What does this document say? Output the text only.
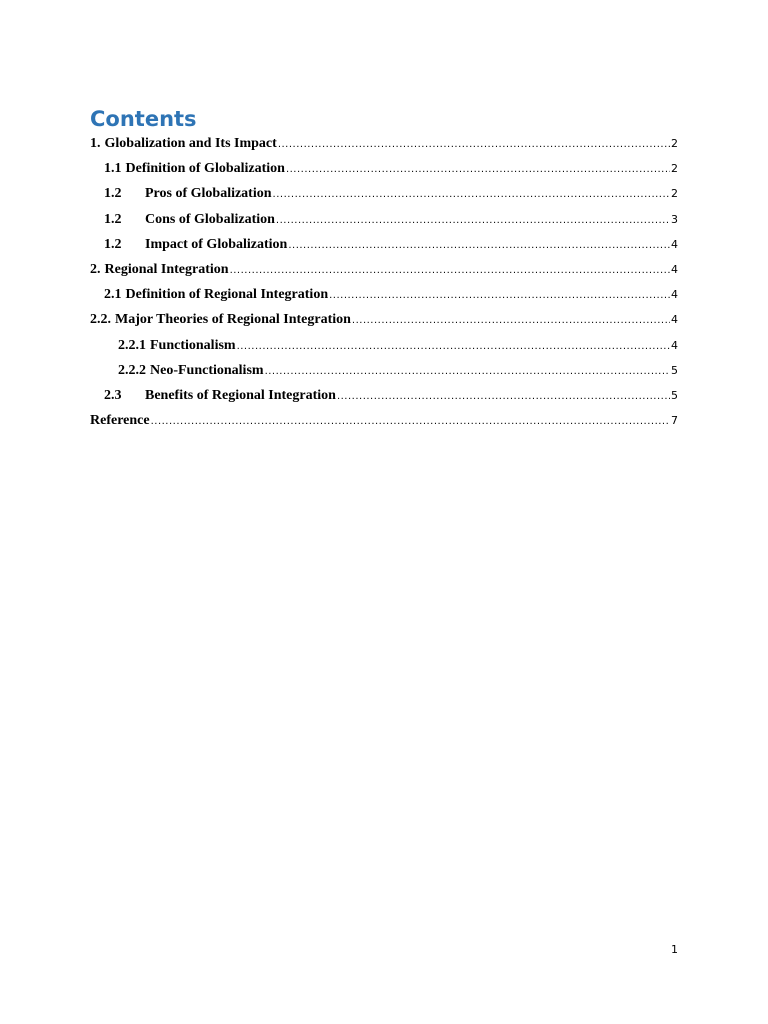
Contents
1. Globalization and Its Impact .....	2
1.1 Definition of Globalization .....	2
1.2	Pros of Globalization .....	2
1.2	Cons of Globalization .....	3
1.2	Impact of Globalization .....	4
2. Regional Integration .....	4
2.1 Definition of Regional Integration .....	4
2.2. Major Theories of Regional Integration .....	4
2.2.1 Functionalism .....	4
2.2.2 Neo-Functionalism .....	5
2.3	Benefits of Regional Integration .....	5
Reference .....	7
1
